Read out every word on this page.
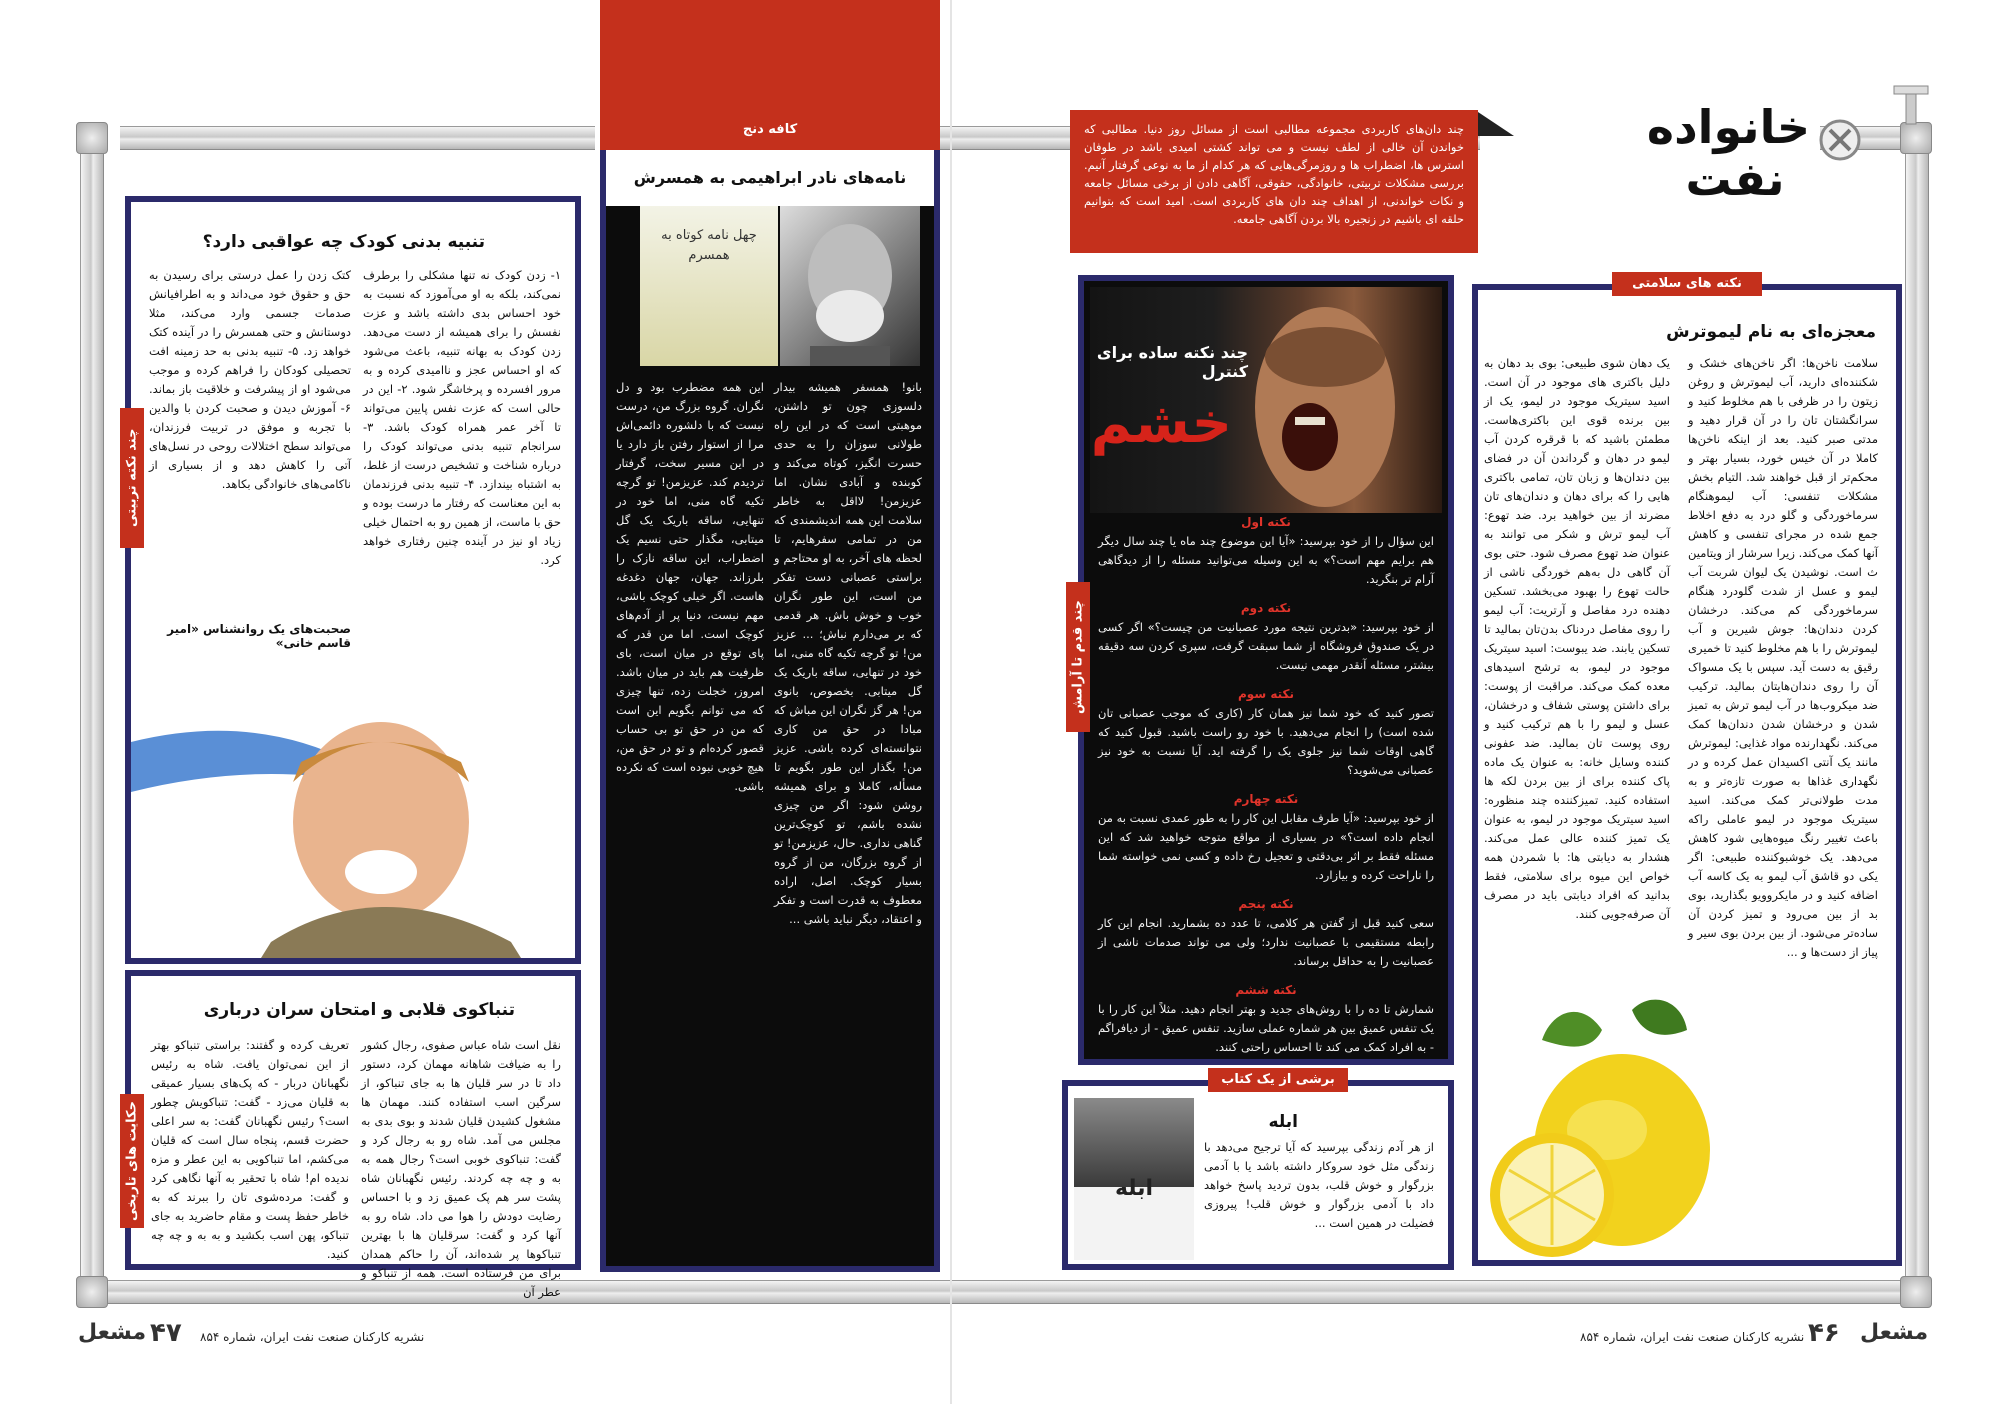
خانواده
نفت
چند دان‌های کاربردی مجموعه مطالبی است از مسائل روز دنیا. مطالبی که خواندن آن خالی از لطف نیست و می تواند کشتی امیدی باشد در طوفان استرس ها، اضطراب ها و روزمرگی‌هایی که هر کدام از ما به نوعی گرفتار آنیم. بررسی مشکلات تربیتی، خانوادگی، حقوقی، آگاهی دادن از برخی مسائل جامعه و نکات خواندنی، از اهداف چند دان های کاربردی است. امید است که بتوانیم حلقه ای باشیم در زنجیره بالا بردن آگاهی جامعه.
نکته های سلامتی
معجزه‌ای به نام لیموترش
سلامت ناخن‌ها: اگر ناخن‌های خشک و شکننده‌ای دارید، آب لیموترش و روغن زیتون را در ظرفی با هم مخلوط کنید و سرانگشتان تان را در آن قرار دهید و مدتی صبر کنید. بعد از اینکه ناخن‌ها کاملا در آن خیس خورد، بسیار بهتر و محکم‌تر از قبل خواهند شد. التیام بخش مشکلات تنفسی: آب لیموهنگام سرماخوردگی و گلو درد به دفع اخلاط جمع شده در مجرای تنفسی و کاهش آنها کمک می‌کند. زیرا سرشار از ویتامین ث است. نوشیدن یک لیوان شربت آب لیمو و عسل از شدت گلودرد هنگام سرماخوردگی کم می‌کند. درخشان کردن دندان‌ها: جوش شیرین و آب لیموترش را با هم مخلوط کنید تا خمیری رقیق به دست آید. سپس با یک مسواک آن را روی دندان‌هایتان بمالید. ترکیب ضد میکروب‌ها در آب لیمو ترش به تمیز شدن و درخشان شدن دندان‌ها کمک می‌کند. نگهدارنده مواد غذایی: لیموترش مانند یک آنتی اکسیدان عمل کرده و در نگهداری غذاها به صورت تازه‌تر و به مدت طولانی‌تر کمک می‌کند. اسید سیتریک موجود در لیمو عاملی راکه باعث تغییر رنگ میوه‌هایی شود کاهش می‌دهد. یک خوشبوکننده طبیعی: اگر یکی دو قاشق آب لیمو به یک کاسه آب اضافه کنید و در مایکروویو بگذارید، بوی بد از بین می‌رود و تمیز کردن آن ساده‌تر می‌شود. از بین بردن بوی سیر و پیاز از دست‌ها و ...
یک دهان شوی طبیعی: بوی بد دهان به دلیل باکتری های موجود در آن است. اسید سیتریک موجود در لیمو، یک از بین برنده قوی این باکتری‌هاست. مطمئن باشید که با قرقره کردن آب لیمو در دهان و گرداندن آن در فضای بین دندان‌ها و زبان تان، تمامی باکتری هایی را که برای دهان و دندان‌های تان مضرند از بین خواهید برد. ضد تهوع: آب لیمو ترش و شکر می توانند به عنوان ضد تهوع مصرف شود. حتی بوی آن گاهی دل به‌هم خوردگی ناشی از حالت تهوع را بهبود می‌بخشد. تسکین دهنده درد مفاصل و آرتریت: آب لیمو را روی مفاصل دردناک بدن‌تان بمالید تا تسکین یابند. ضد یبوست: اسید سیتریک موجود در لیمو، به ترشح اسیدهای معده کمک می‌کند. مراقبت از پوست: برای داشتن پوستی شفاف و درخشان، عسل و لیمو را با هم ترکیب کنید و روی پوست تان بمالید. ضد عفونی کننده وسایل خانه: به عنوان یک ماده پاک کننده برای از بین بردن لکه ها استفاده کنید. تمیزکننده چند منظوره: اسید سیتریک موجود در لیمو، به عنوان یک تمیز کننده عالی عمل می‌کند. هشدار به دیابتی ها: با شمردن همه خواص این میوه برای سلامتی، فقط بدانید که افراد دیابتی باید در مصرف آن صرفه‌جویی کنند.
چند نکته ساده برای کنترل
خشم
نکته اول
این سؤال را از خود بپرسید: «آیا این موضوع چند ماه یا چند سال دیگر هم برایم مهم است؟» به این وسیله می‌توانید مسئله را از دیدگاهی آرام تر بنگرید.
نکته دوم
از خود بپرسید: «بدترین نتیجه مورد عصبانیت من چیست؟» اگر کسی در یک صندوق فروشگاه از شما سبقت گرفت، سپری کردن سه دقیقه بیشتر، مسئله آنقدر مهمی نیست.
نکته سوم
تصور کنید که خود شما نیز همان کار (کاری که موجب عصبانی تان شده است) را انجام می‌دهید. با خود رو راست باشید. قبول کنید که گاهی اوقات شما نیز جلوی یک را گرفته اید. آیا نسبت به خود نیز عصبانی می‌شوید؟
نکته چهارم
از خود بپرسید: «آیا طرف مقابل این کار را به طور عمدی نسبت به من انجام داده است؟» در بسیاری از مواقع متوجه خواهید شد که این مسئله فقط بر اثر بی‌دقتی و تعجیل رخ داده و کسی نمی خواسته شما را ناراحت کرده و بیازارد.
نکته پنجم
سعی کنید قبل از گفتن هر کلامی، تا عدد ده بشمارید. انجام این کار رابطه مستقیمی با عصبانیت ندارد؛ ولی می تواند صدمات ناشی از عصبانیت را به حداقل برساند.
نکته ششم
شمارش تا ده را با روش‌های جدید و بهتر انجام دهید. مثلاً این کار را با یک تنفس عمیق بین هر شماره عملی سازید. تنفس عمیق - از دیافراگم - به افراد کمک می کند تا احساس راحتی کنند.
چند قدم تا آرامش
برشی از یک کتاب
ابله
ابله
از هر آدم زندگی بپرسید که آیا ترجیح می‌دهد با زندگی مثل خود سروکار داشته باشد یا با آدمی بزرگوار و خوش قلب، بدون تردید پاسخ خواهد داد با آدمی بزرگوار و خوش قلب! پیروزی فضیلت در همین است ...
کافه دنج
نامه‌های نادر ابراهیمی به همسرش
چهل نامه کوتاه به همسرم
بانو! همسفر همیشه بیدار دلسوزی چون تو داشتن، موهبتی است که در این راه طولانی سوزان را به حدی حسرت انگیز، کوتاه می‌کند و کوبنده و آبادی نشان. اما عزیزمن! لااقل به خاطر سلامت این همه اندیشمندی که من در تمامی سفرهایم، تا لحظه های آخر، به او محتاجم و براستی عصبانی دست تفکر من است، این طور نگران خوب و خوش باش. هر قدمی که بر می‌دارم نباش؛ ... عزیز من! تو گرچه تکیه گاه منی، اما خود در تنهایی، ساقه باریک یک گل میتابی. بخصوص، بانوی من! هر گز نگران این مباش که مبادا در حق من کاری نتوانسته‌ای کرده باشی. عزیز من! بگذار این طور بگویم تا مسأله، کاملا و برای همیشه روشن شود: اگر من چیزی نشده باشم، تو کوچک‌ترین گناهی نداری. حال، عزیزمن! تو از گروه بزرگان، من از گروه بسیار کوچک. اصل، اراده معطوف به قدرت است و تفکر و اعتقاد، دیگر نباید باشی ...
این همه مضطرب بود و دل نگران. گروه بزرگ من، درست نیست که با دلشوره دائمی‌اش مرا از استوار رفتن باز دارد یا در این مسیر سخت، گرفتار تردیدم کند. عزیزمن! تو گرچه تکیه گاه منی، اما خود در تنهایی، ساقه باریک یک گل میتابی، مگذار حتی نسیم یک اضطراب، این ساقه نازک را بلرزاند. جهان، جهان دغدغه هاست. اگر خیلی کوچک باشی، مهم نیست، دنیا پر از آدم‌های کوچک است. اما من قدر که پای توقع در میان است، بای ظرفیت هم باید در میان باشد. امروز، خجلت زده، تنها چیزی که می توانم بگویم این است که من در حق تو بی حساب قصور کرده‌ام و تو در حق من، هیچ خوبی نبوده است که نکرده باشی.
تنبیه بدنی کودک چه عواقبی دارد؟
۱- زدن کودک نه تنها مشکلی را برطرف نمی‌کند، بلکه به او می‌آموزد که نسبت به خود احساس بدی داشته باشد و عزت نفسش را برای همیشه از دست می‌دهد. زدن کودک به بهانه تنبیه، باعث می‌شود که او احساس عجز و ناامیدی کرده و به مرور افسرده و پرخاشگر شود. ۲- این در حالی است که عزت نفس پایین می‌تواند تا آخر عمر همراه کودک باشد. ۳- سرانجام تنبیه بدنی می‌تواند کودک را درباره شناخت و تشخیص درست از غلط، به اشتباه بیندازد. ۴- تنبیه بدنی فرزندمان به این معناست که رفتار ما درست بوده و حق با ماست، از همین رو به احتمال خیلی زیاد او نیز در آینده چنین رفتاری خواهد کرد.
کتک زدن را عمل درستی برای رسیدن به حق و حقوق خود می‌داند و به اطرافیانش صدمات جسمی وارد می‌کند، مثلا دوستانش و حتی همسرش را در آینده کتک خواهد زد. ۵- تنبیه بدنی به حد زمینه افت تحصیلی کودکان را فراهم کرده و موجب می‌شود او از پیشرفت و خلاقیت باز بماند. ۶- آموزش دیدن و صحبت کردن با والدین با تجربه و موفق در تربیت فرزندان، می‌تواند سطح اختلالات روحی در نسل‌های آتی را کاهش دهد و از بسیاری از ناکامی‌های خانوادگی بکاهد.
صحبت‌های یک روانشناس «امیر قاسم خانی»
چند نکته تربیتی
تنباکوی قلابی و امتحان سران درباری
نقل است شاه عباس صفوی، رجال کشور را به ضیافت شاهانه مهمان کرد، دستور داد تا در سر قلیان ها به جای تنباکو، از سرگین اسب استفاده کنند. مهمان ها مشغول کشیدن قلیان شدند و بوی بدی به مجلس می آمد. شاه رو به رجال کرد و گفت: تنباکوی خوبی است؟ رجال همه به به و چه چه کردند. رئیس نگهبانان شاه پشت سر هم پک عمیق زد و با احساس رضایت دودش را هوا می داد. شاه رو به آنها کرد و گفت: سرقلیان ها با بهترین تنباکوها پر شده‌اند، آن را حاکم همدان برای من فرستاده است. همه از تنباکو و عطر آن
تعریف کرده و گفتند: براستی تنباکو بهتر از این نمی‌توان یافت. شاه به رئیس نگهبانان دربار - که پک‌های بسیار عمیقی به قلیان می‌زد - گفت: تنباکویش چطور است؟ رئیس نگهبانان گفت: به سر اعلی حضرت قسم، پنجاه سال است که قلیان می‌کشم، اما تنباکویی به این عطر و مزه ندیده ام! شاه با تحقیر به آنها نگاهی کرد و گفت: مرده‌شوی تان را ببرند که به خاطر حفظ پست و مقام حاضرید به جای تنباکو، پهن اسب بکشید و به به و چه چه کنید.
حکایت های تاریخی
مشعل
۴۶
نشریه کارکنان صنعت نفت ایران، شماره ۸۵۴
مشعل ۴۷ نشریه کارکنان صنعت نفت ایران، شماره ۸۵۴
